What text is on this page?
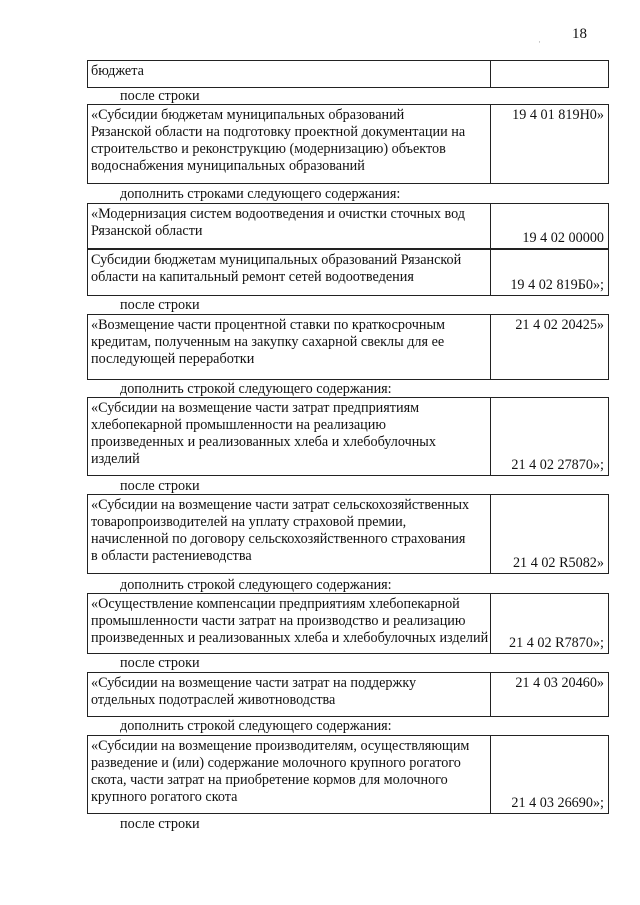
18
·
бюджета
после строки
«Субсидии бюджетам муниципальных образований
Рязанской области на подготовку проектной документации на
строительство и реконструкцию (модернизацию) объектов
водоснабжения муниципальных образований
19 4 01 819Н0»
дополнить строками следующего содержания:
«Модернизация систем водоотведения и очистки сточных вод
Рязанской области	19 4 02 00000
Субсидии бюджетам муниципальных образований Рязанской
области на капитальный ремонт сетей водоотведения	19 4 02 819Б0»;
после строки
«Возмещение части процентной ставки по краткосрочным
кредитам, полученным на закупку сахарной свеклы для ее
последующей переработки
21 4 02 20425»
дополнить строкой следующего содержания:
«Субсидии на возмещение части затрат предприятиям
хлебопекарной промышленности на реализацию
произведенных и реализованных хлеба и хлебобулочных
изделий	21 4 02 27870»;
после строки
«Субсидии на возмещение части затрат сельскохозяйственных
товаропроизводителей на уплату страховой премии,
начисленной по договору сельскохозяйственного страхования
в области растениеводства	21 4 02 R5082»
дополнить строкой следующего содержания:
«Осуществление компенсации предприятиям хлебопекарной
промышленности части затрат на производство и реализацию
произведенных и реализованных хлеба и хлебобулочных изделий	21 4 02 R7870»;
после строки
«Субсидии на возмещение части затрат на поддержку
отдельных подотраслей животноводства
21 4 03 20460»
дополнить строкой следующего содержания:
«Субсидии на возмещение производителям, осуществляющим
разведение и (или) содержание молочного крупного рогатого
скота, части затрат на приобретение кормов для молочного
крупного рогатого скота	21 4 03 26690»;
после строки
